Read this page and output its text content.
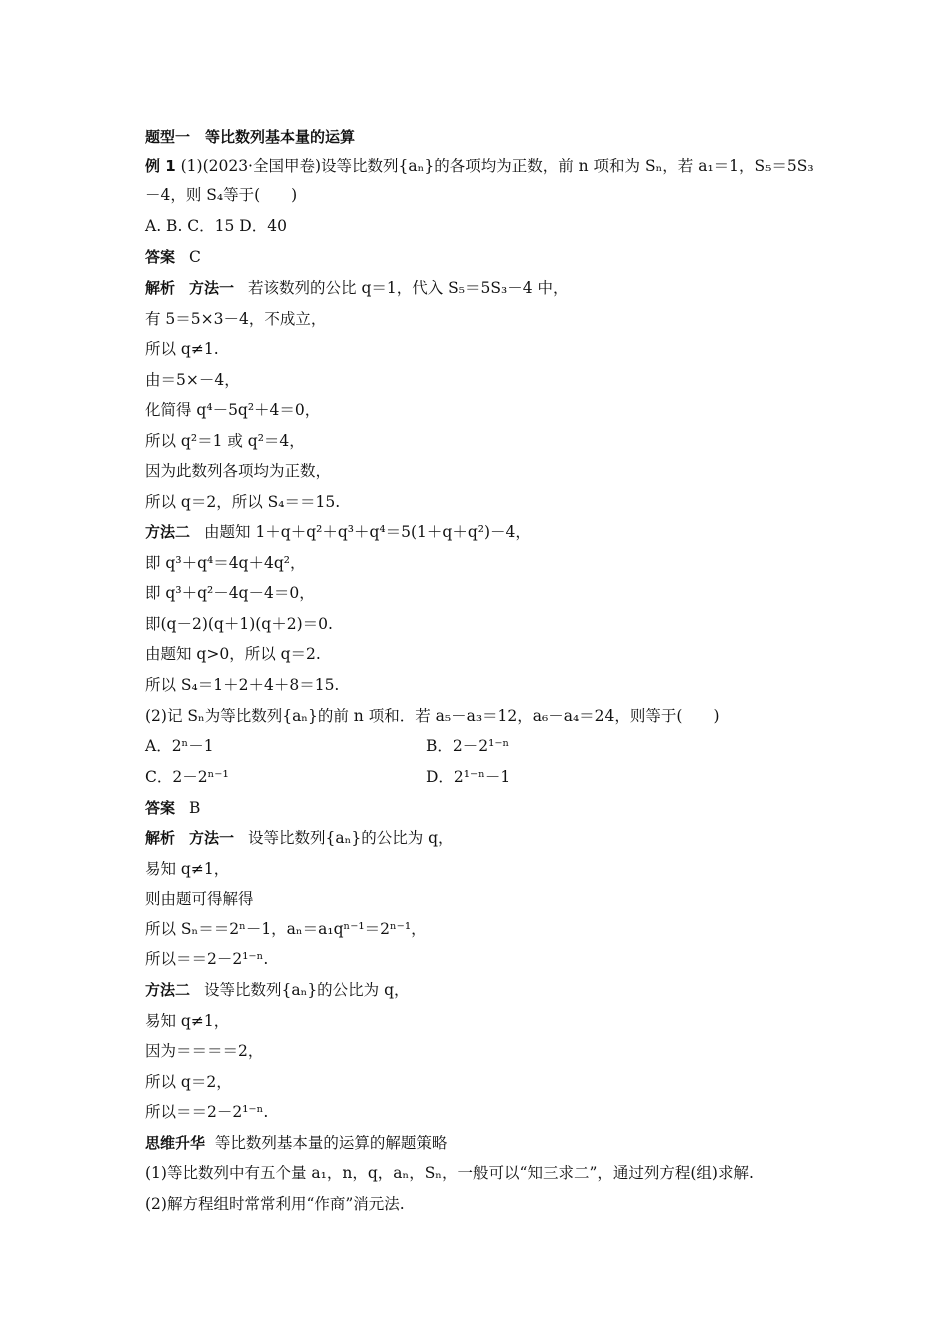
题型一　等比数列基本量的运算
例 1 (1)(2023·全国甲卷)设等比数列{aₙ}的各项均为正数，前 n 项和为 Sₙ，若 a₁＝1，S₅＝5S₃
－4，则 S₄等于(　　)
A. B. C．15 D．40
答案 C
解析 方法一 若该数列的公比 q＝1，代入 S₅＝5S₃－4 中，
有 5＝5×3－4，不成立，
所以 q≠1.
由＝5×－4，
化简得 q⁴－5q²＋4＝0，
所以 q²＝1 或 q²＝4，
因为此数列各项均为正数，
所以 q＝2，所以 S₄＝＝15.
方法二 由题知 1＋q＋q²＋q³＋q⁴＝5(1＋q＋q²)－4，
即 q³＋q⁴＝4q＋4q²，
即 q³＋q²－4q－4＝0，
即(q－2)(q＋1)(q＋2)＝0.
由题知 q>0，所以 q＝2.
所以 S₄＝1＋2＋4＋8＝15.
(2)记 Sₙ为等比数列{aₙ}的前 n 项和．若 a₅－a₃＝12，a₆－a₄＝24，则等于(　　)
A．2ⁿ－1	B．2－2¹⁻ⁿ
C．2－2ⁿ⁻¹	D．2¹⁻ⁿ－1
答案 B
解析 方法一 设等比数列{aₙ}的公比为 q，
易知 q≠1，
则由题可得解得
所以 Sₙ＝＝2ⁿ－1，aₙ＝a₁qⁿ⁻¹＝2ⁿ⁻¹，
所以＝＝2－2¹⁻ⁿ.
方法二 设等比数列{aₙ}的公比为 q，
易知 q≠1，
因为＝＝＝＝2，
所以 q＝2，
所以＝＝2－2¹⁻ⁿ.
思维升华 等比数列基本量的运算的解题策略
(1)等比数列中有五个量 a₁，n，q，aₙ，Sₙ，一般可以“知三求二”，通过列方程(组)求解.
(2)解方程组时常常利用“作商”消元法.
